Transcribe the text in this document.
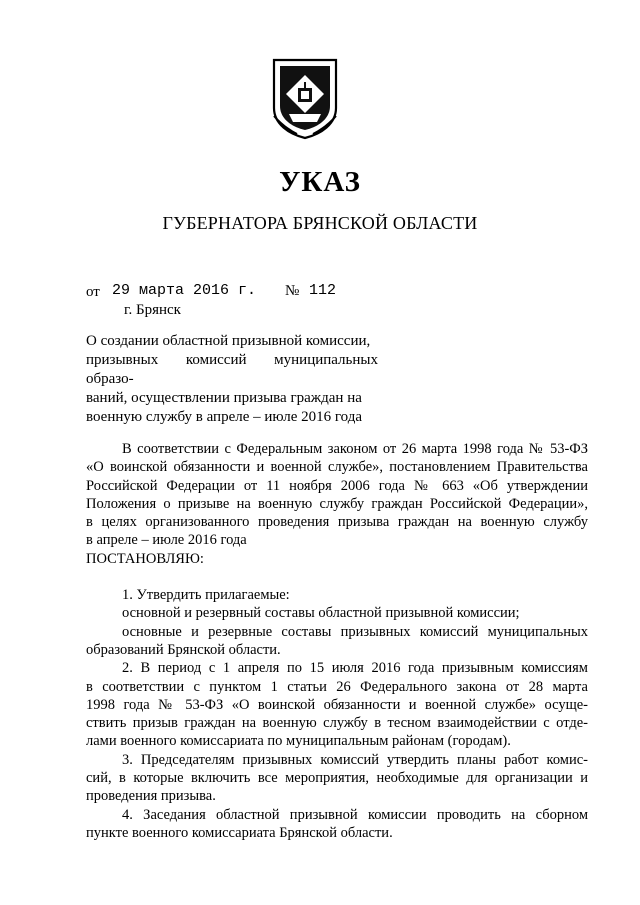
УКАЗ
ГУБЕРНАТОРА БРЯНСКОЙ ОБЛАСТИ
от 29 марта 2016 г. № 112
г. Брянск
О создании областной призывной комиссии,
призывных комиссий муниципальных образо-
ваний, осуществлении призыва граждан на
военную службу в апреле – июле 2016 года
В соответствии с Федеральным законом от 26 марта 1998 года № 53-ФЗ
«О воинской обязанности и военной службе», постановлением Правительства
Российской Федерации от 11 ноября 2006 года № 663 «Об утверждении
Положения о призыве на военную службу граждан Российской Федерации»,
в целях организованного проведения призыва граждан на военную службу
в апреле – июле 2016 года
ПОСТАНОВЛЯЮ:
1. Утвердить прилагаемые:
основной и резервный составы областной призывной комиссии;
основные и резервные составы призывных комиссий муниципальных
образований Брянской области.
2. В период с 1 апреля по 15 июля 2016 года призывным комиссиям
в соответствии с пунктом 1 статьи 26 Федерального закона от 28 марта
1998 года № 53-ФЗ «О воинской обязанности и военной службе» осуще-
ствить призыв граждан на военную службу в тесном взаимодействии с отде-
лами военного комиссариата по муниципальным районам (городам).
3. Председателям призывных комиссий утвердить планы работ комис-
сий, в которые включить все мероприятия, необходимые для организации и
проведения призыва.
4. Заседания областной призывной комиссии проводить на сборном
пункте военного комиссариата Брянской области.
